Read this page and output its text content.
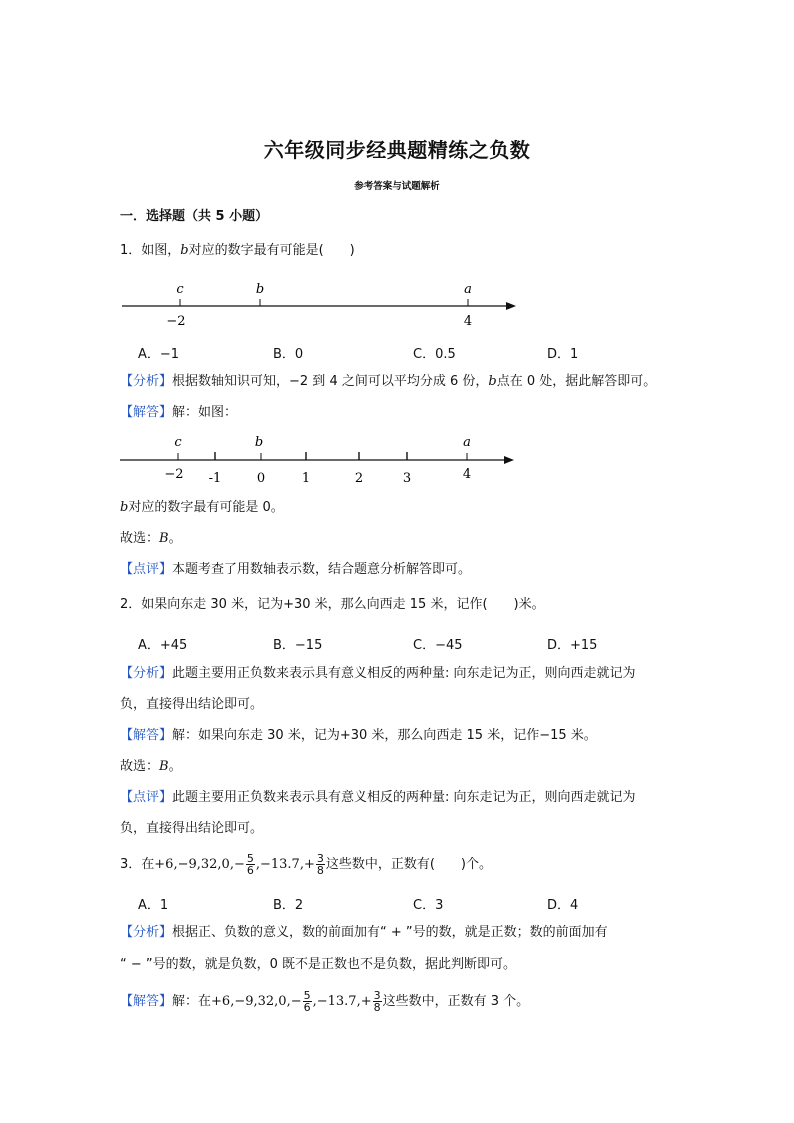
六年级同步经典题精练之负数
参考答案与试题解析
一．选择题（共 5 小题）
1．如图，b对应的数字最有可能是(　　)
c	b	a
−2	4
A．−1	B．0	C．0.5	D．1
【分析】根据数轴知识可知，−2 到 4 之间可以平均分成 6 份，b点在 0 处，据此解答即可。
【解答】解：如图：
c	b	a
−2 -1	0	1	2	3	4
b对应的数字最有可能是 0。
故选：B。
【点评】本题考查了用数轴表示数，结合题意分析解答即可。
2．如果向东走 30 米，记为+30 米，那么向西走 15 米，记作(　　)米。
A．+45	B．−15	C．−45	D．+15
【分析】此题主要用正负数来表示具有意义相反的两种量: 向东走记为正，则向西走就记为
负，直接得出结论即可。
【解答】解：如果向东走 30 米，记为+30 米，那么向西走 15 米，记作−15 米。
故选：B。
【点评】此题主要用正负数来表示具有意义相反的两种量: 向东走记为正，则向西走就记为
负，直接得出结论即可。
3．在 $+6,-9,32,0,- \frac{5}{6} ,-13.7,+ \frac{3}{8}$ 这些数中，正数有(　　)个。
A．1	B．2	C．3	D．4
【分析】根据正、负数的意义，数的前面加有“ + ”号的数，就是正数；数的前面加有
“ − ”号的数，就是负数，0 既不是正数也不是负数，据此判断即可。
【解答】 解：在 $+6,-9,32,0,- \frac{5}{6} ,-13.7,+ \frac{3}{8}$ 这些数中，正数有 3 个。
